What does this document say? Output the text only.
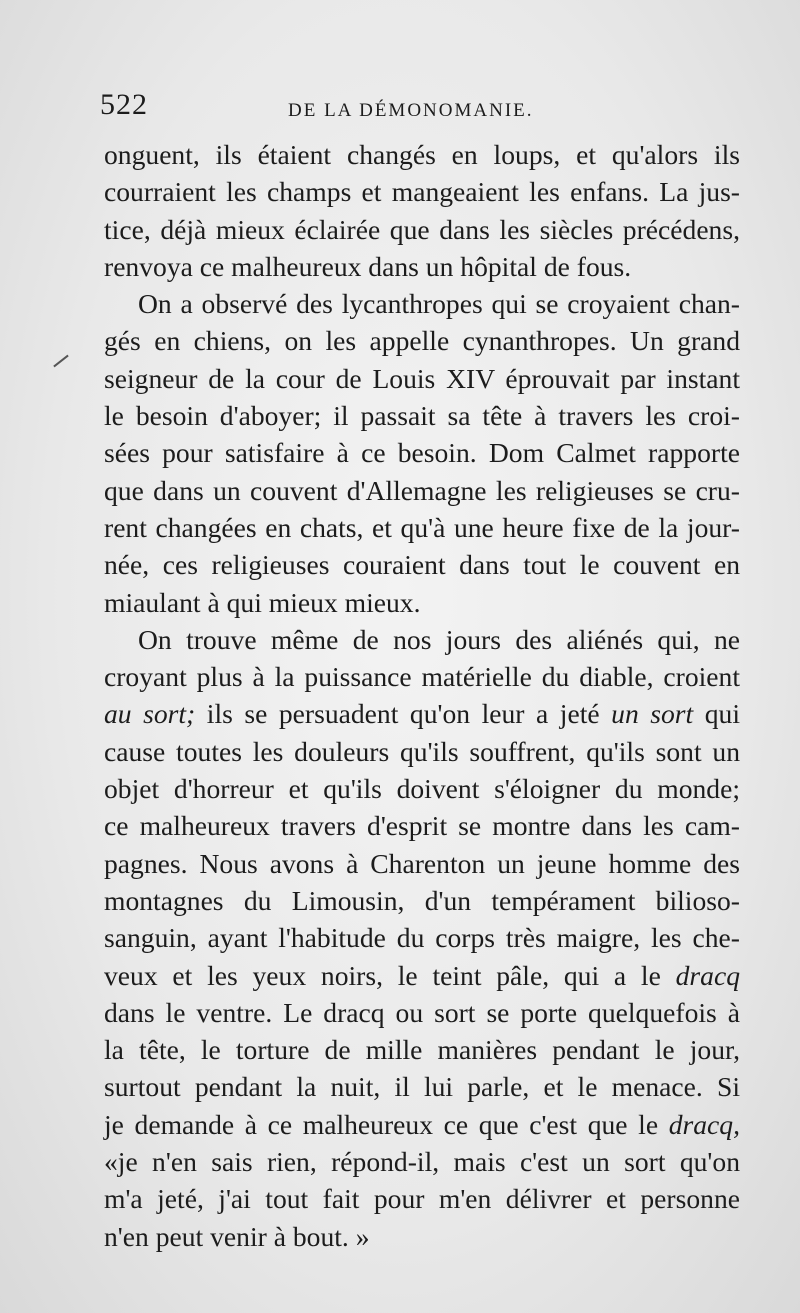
522	DE LA DÉMONOMANIE.
onguent, ils étaient changés en loups, et qu'alors ils
courraient les champs et mangeaient les enfans. La jus-
tice, déjà mieux éclairée que dans les siècles précédens,
renvoya ce malheureux dans un hôpital de fous.
On a observé des lycanthropes qui se croyaient chan-
gés en chiens, on les appelle cynanthropes. Un grand
seigneur de la cour de Louis XIV éprouvait par instant
le besoin d'aboyer; il passait sa tête à travers les croi-
sées pour satisfaire à ce besoin. Dom Calmet rapporte
que dans un couvent d'Allemagne les religieuses se cru-
rent changées en chats, et qu'à une heure fixe de la jour-
née, ces religieuses couraient dans tout le couvent en
miaulant à qui mieux mieux.
On trouve même de nos jours des aliénés qui, ne
croyant plus à la puissance matérielle du diable, croient
au sort; ils se persuadent qu'on leur a jeté un sort qui
cause toutes les douleurs qu'ils souffrent, qu'ils sont un
objet d'horreur et qu'ils doivent s'éloigner du monde;
ce malheureux travers d'esprit se montre dans les cam-
pagnes. Nous avons à Charenton un jeune homme des
montagnes du Limousin, d'un tempérament bilioso-
sanguin, ayant l'habitude du corps très maigre, les che-
veux et les yeux noirs, le teint pâle, qui a le dracq
dans le ventre. Le dracq ou sort se porte quelquefois à
la tête, le torture de mille manières pendant le jour,
surtout pendant la nuit, il lui parle, et le menace. Si
je demande à ce malheureux ce que c'est que le dracq,
«je n'en sais rien, répond-il, mais c'est un sort qu'on
m'a jeté, j'ai tout fait pour m'en délivrer et personne
n'en peut venir à bout. »
